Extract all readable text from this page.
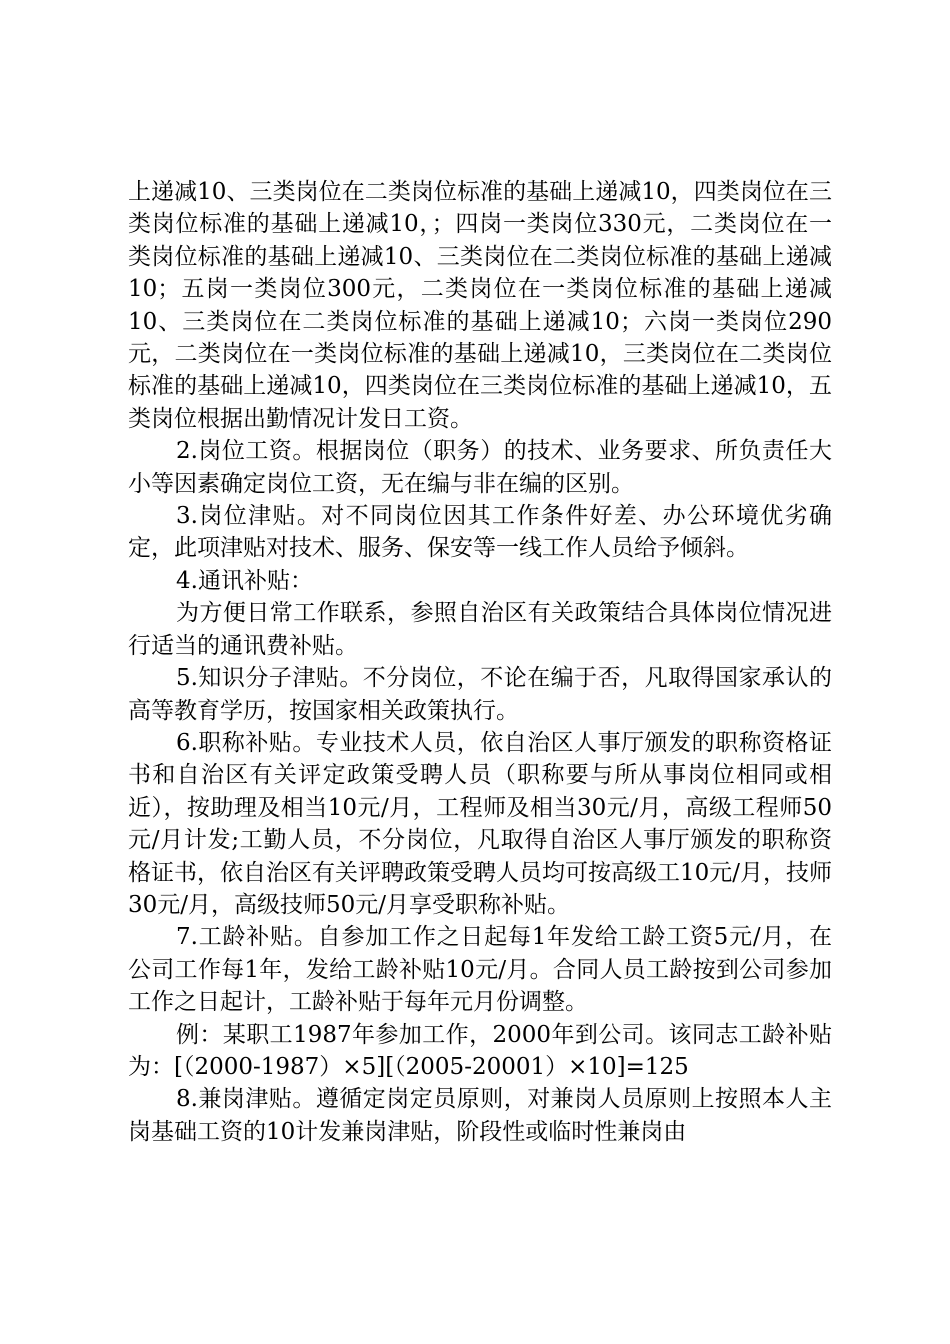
上递减10、三类岗位在二类岗位标准的基础上递减10，四类岗位在三类岗位标准的基础上递减10，；四岗一类岗位330元，二类岗位在一类岗位标准的基础上递减10、三类岗位在二类岗位标准的基础上递减10；五岗一类岗位300元，二类岗位在一类岗位标准的基础上递减10、三类岗位在二类岗位标准的基础上递减10；六岗一类岗位290元，二类岗位在一类岗位标准的基础上递减10，三类岗位在二类岗位标准的基础上递减10，四类岗位在三类岗位标准的基础上递减10，五类岗位根据出勤情况计发日工资。

2.岗位工资。根据岗位（职务）的技术、业务要求、所负责任大小等因素确定岗位工资，无在编与非在编的区别。

3.岗位津贴。对不同岗位因其工作条件好差、办公环境优劣确定，此项津贴对技术、服务、保安等一线工作人员给予倾斜。

4.通讯补贴：

为方便日常工作联系，参照自治区有关政策结合具体岗位情况进行适当的通讯费补贴。

5.知识分子津贴。不分岗位，不论在编于否，凡取得国家承认的高等教育学历，按国家相关政策执行。

6.职称补贴。专业技术人员，依自治区人事厅颁发的职称资格证书和自治区有关评定政策受聘人员（职称要与所从事岗位相同或相近），按助理及相当10元/月，工程师及相当30元/月，高级工程师50元/月计发;工勤人员，不分岗位，凡取得自治区人事厅颁发的职称资格证书，依自治区有关评聘政策受聘人员均可按高级工10元/月，技师30元/月，高级技师50元/月享受职称补贴。

7.工龄补贴。自参加工作之日起每1年发给工龄工资5元/月，在公司工作每1年，发给工龄补贴10元/月。合同人员工龄按到公司参加工作之日起计，工龄补贴于每年元月份调整。

例：某职工1987年参加工作，2000年到公司。该同志工龄补贴为：[（2000-1987）×5][（2005-20001）×10]=125

8.兼岗津贴。遵循定岗定员原则，对兼岗人员原则上按照本人主岗基础工资的10计发兼岗津贴，阶段性或临时性兼岗由
